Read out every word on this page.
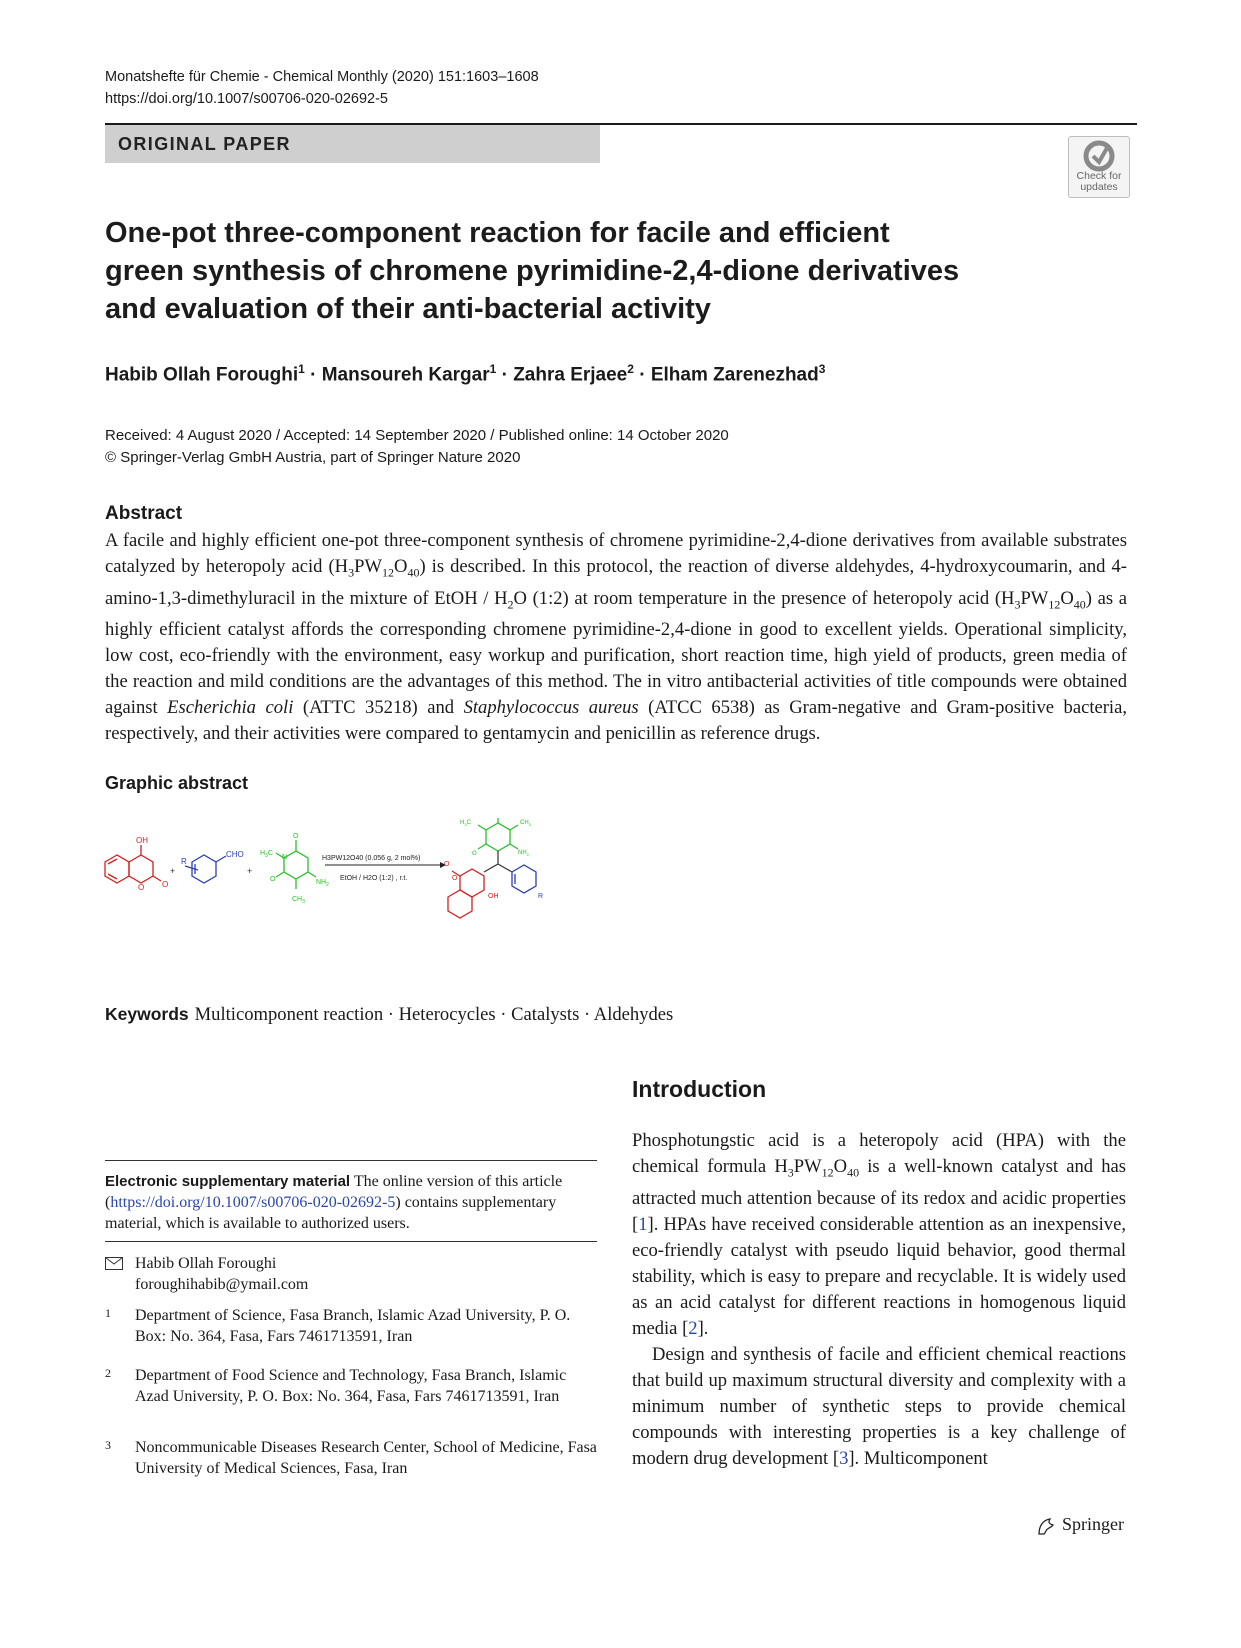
Monatshefte für Chemie - Chemical Monthly (2020) 151:1603–1608
https://doi.org/10.1007/s00706-020-02692-5
ORIGINAL PAPER
Check for
updates
One-pot three-component reaction for facile and efficient
green synthesis of chromene pyrimidine-2,4-dione derivatives
and evaluation of their anti-bacterial activity
Habib Ollah Foroughi$^1$ · Mansoureh Kargar$^1$ · Zahra Erjaee$^2$ · Elham Zarenezhad$^3$
Received: 4 August 2020 / Accepted: 14 September 2020 / Published online: 14 October 2020
© Springer-Verlag GmbH Austria, part of Springer Nature 2020
Abstract
A facile and highly efficient one-pot three-component synthesis of chromene pyrimidine-2,4-dione derivatives from available substrates catalyzed by heteropoly acid $(H_3PW_{12}O_{40})$ is described. In this protocol, the reaction of diverse aldehydes, 4-hydroxycoumarin, and 4-amino-1,3-dimethyluracil in the mixture of EtOH / $H_2O$ (1:2) at room temperature in the presence of heteropoly acid $(H_3PW_{12}O_{40})$ as a highly efficient catalyst affords the corresponding chromene pyrimidine-2,4-dione in good to excellent yields. Operational simplicity, low cost, eco-friendly with the environment, easy workup and purification, short reaction time, high yield of products, green media of the reaction and mild conditions are the advantages of this method. The in vitro antibacterial activities of title compounds were obtained against Escherichia coli (ATTC 35218) and Staphylococcus aureus (ATCC 6538) as Gram-negative and Gram-positive bacteria, respectively, and their activities were compared to gentamycin and penicillin as reference drugs.
Graphic abstract
OH
O O
+
R
CHO
+
O
$H_3C$
N
O
$CH_3$
$NH_2$
H3PW12O40 (0.056 g, 2 mol%)
EtOH / H2O (1:2) , r.t.
$H_3C$	$CH_3$
$NH_2$
O
O
O
OH	R
Keywords Multicomponent reaction · Heterocycles · Catalysts · Aldehydes
Introduction

Phosphotungstic acid is a heteropoly acid (HPA) with the chemical formula $H_3PW_{12}O_{40}$ is a well-known catalyst and has attracted much attention because of its redox and acidic properties [1]. HPAs have received considerable attention as an inexpensive, eco-friendly catalyst with pseudo liquid behavior, good thermal stability, which is easy to prepare and recyclable. It is widely used as an acid catalyst for different reactions in homogenous liquid media [2].

Design and synthesis of facile and efficient chemical reactions that build up maximum structural diversity and complexity with a minimum number of synthetic steps to provide chemical compounds with interesting properties is a key challenge of modern drug development [3]. Multicomponent

Electronic supplementary material The online version of this article (https://doi.org/10.1007/s00706-020-02692-5) contains supplementary material, which is available to authorized users.
Habib Ollah Foroughi
foroughihabib@ymail.com
1 Department of Science, Fasa Branch, Islamic Azad University, P. O. Box: No. 364, Fasa, Fars 7461713591, Iran
2 Department of Food Science and Technology, Fasa Branch, Islamic Azad University, P. O. Box: No. 364, Fasa, Fars 7461713591, Iran
3 Noncommunicable Diseases Research Center, School of Medicine, Fasa University of Medical Sciences, Fasa, Iran
Springer
